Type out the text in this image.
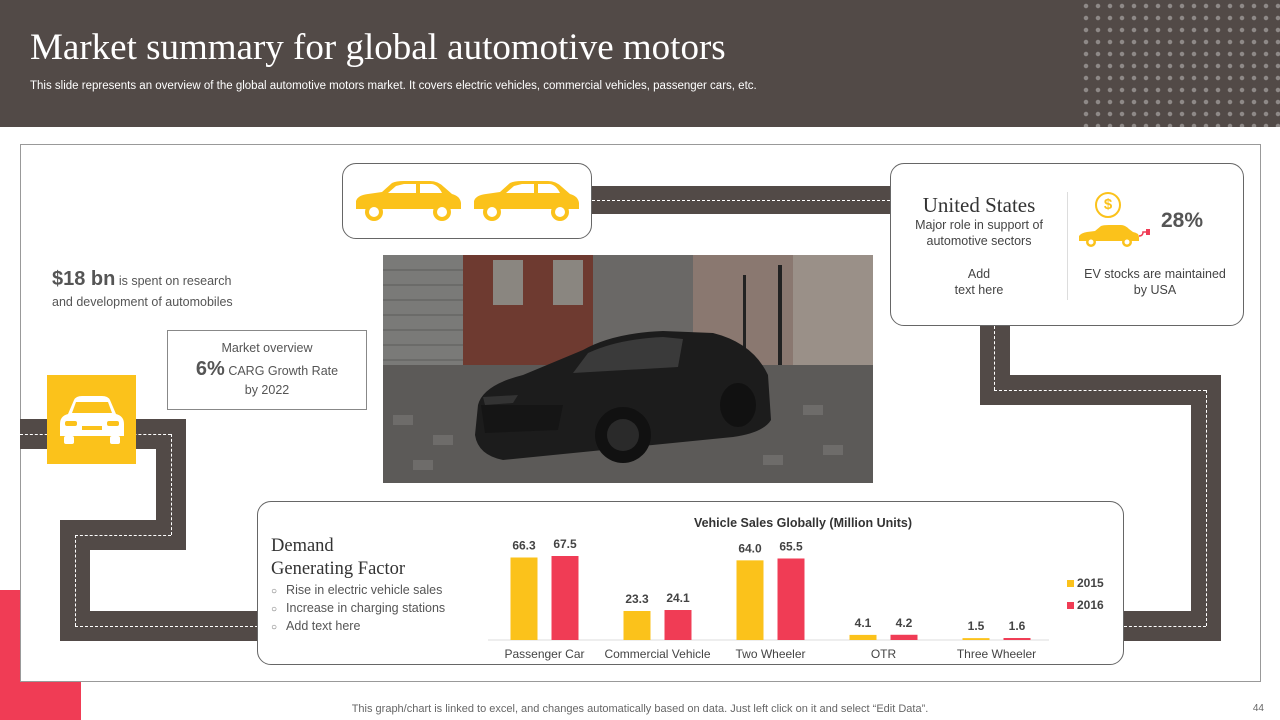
Market summary for global automotive motors
This slide represents an overview of the global automotive motors market. It covers electric vehicles, commercial vehicles, passenger cars, etc.
United States
Major role in support of automotive sectors
Add
text here
$
28%
EV stocks are maintained
by USA
$18 bn is spent on research
and development of automobiles
Market overview
6% CARG Growth Rate
by 2022
Demand
Generating Factor
○ Rise in electric vehicle sales
○ Increase in charging stations
○ Add text here
Vehicle Sales Globally (Million Units)
66.3 67.5
Passenger Car
23.3 24.1
Commercial Vehicle
64.0 65.5
Two Wheeler
4.1 4.2
OTR
1.5 1.6
Three Wheeler
2015
2016
This graph/chart is linked to excel, and changes automatically based on data. Just left click on it and select “Edit Data”.	44
